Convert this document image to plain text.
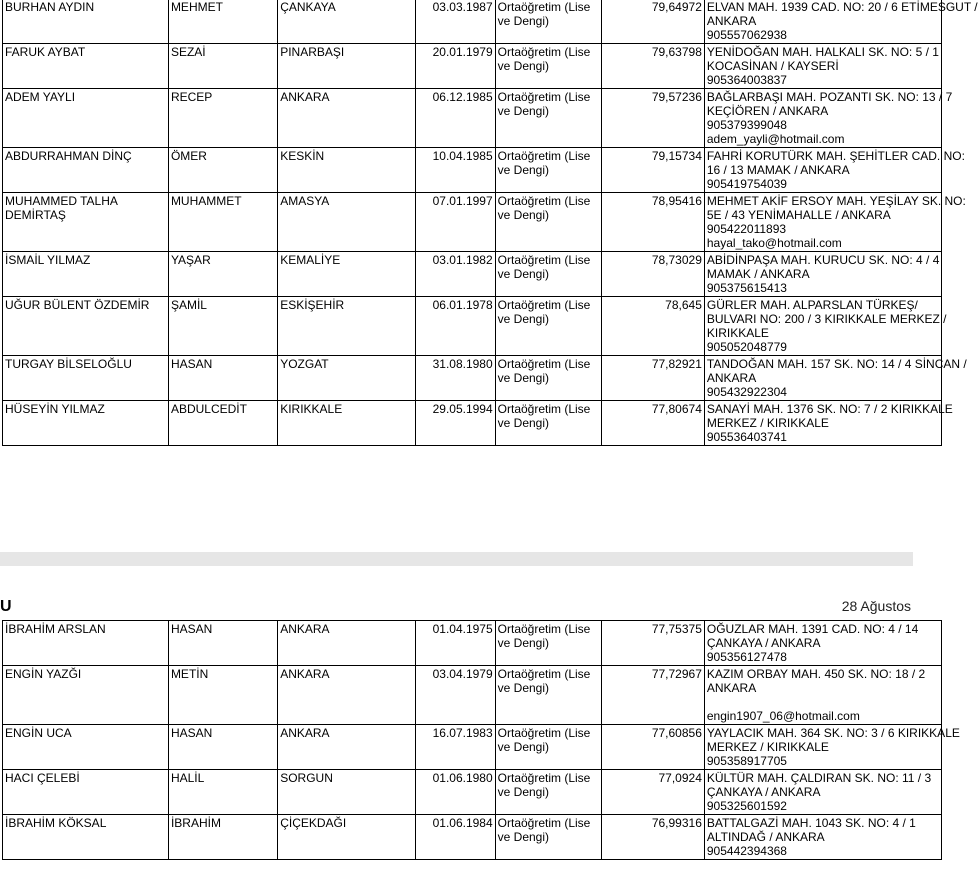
BURHAN AYDIN	MEHMET	ÇANKAYA	03.03.1987	Ortaöğretim (Lise
ve Dengi)	79,64972	ELVAN MAH. 1939 CAD. NO: 20 / 6 ETİMESGUT /
ANKARA
905557062938

FARUK AYBAT	SEZAİ	PINARBAŞI	20.01.1979	Ortaöğretim (Lise
ve Dengi)	79,63798	YENİDOĞAN MAH. HALKALI SK. NO: 5 / 1
KOCASİNAN / KAYSERİ
905364003837

ADEM YAYLI	RECEP	ANKARA	06.12.1985	Ortaöğretim (Lise
ve Dengi)	79,57236	BAĞLARBAŞI MAH. POZANTI SK. NO: 13 / 7
KEÇİÖREN / ANKARA
905379399048
adem_yayli@hotmail.com

ABDURRAHMAN DİNÇ	ÖMER	KESKİN	10.04.1985	Ortaöğretim (Lise
ve Dengi)	79,15734	FAHRİ KORUTÜRK MAH. ŞEHİTLER CAD. NO:
16 / 13 MAMAK / ANKARA
905419754039

MUHAMMED TALHA
DEMİRTAŞ	MUHAMMET	AMASYA	07.01.1997	Ortaöğretim (Lise
ve Dengi)	78,95416	MEHMET AKİF ERSOY MAH. YEŞİLAY SK. NO:
5E / 43 YENİMAHALLE / ANKARA
905422011893
hayal_tako@hotmail.com

İSMAİL YILMAZ	YAŞAR	KEMALİYE	03.01.1982	Ortaöğretim (Lise
ve Dengi)	78,73029	ABİDİNPAŞA MAH. KURUCU SK. NO: 4 / 4
MAMAK / ANKARA
905375615413

UĞUR BÜLENT ÖZDEMİR	ŞAMİL	ESKİŞEHİR	06.01.1978	Ortaöğretim (Lise
ve Dengi)	78,645	GÜRLER MAH. ALPARSLAN TÜRKEŞ/
BULVARI NO: 200 / 3 KIRIKKALE MERKEZ /
KIRIKKALE
905052048779

TURGAY BİLSELOĞLU	HASAN	YOZGAT	31.08.1980	Ortaöğretim (Lise
ve Dengi)	77,82921	TANDOĞAN MAH. 157 SK. NO: 14 / 4 SİNCAN /
ANKARA
905432922304

HÜSEYİN YILMAZ	ABDULCEDİT	KIRIKKALE	29.05.1994	Ortaöğretim (Lise
ve Dengi)	77,80674	SANAYİ MAH. 1376 SK. NO: 7 / 2 KIRIKKALE
MERKEZ / KIRIKKALE
905536403741
U	28 Ağustos
İBRAHİM ARSLAN	HASAN	ANKARA	01.04.1975	Ortaöğretim (Lise
ve Dengi)	77,75375	OĞUZLAR MAH. 1391 CAD. NO: 4 / 14
ÇANKAYA / ANKARA
905356127478

ENGİN YAZĞI	METİN	ANKARA	03.04.1979	Ortaöğretim (Lise
ve Dengi)	77,72967	KAZIM ORBAY MAH. 450 SK. NO: 18 / 2
ANKARA

engin1907_06@hotmail.com

ENGİN UCA	HASAN	ANKARA	16.07.1983	Ortaöğretim (Lise
ve Dengi)	77,60856	YAYLACIK MAH. 364 SK. NO: 3 / 6 KIRIKKALE
MERKEZ / KIRIKKALE
905358917705

HACI ÇELEBİ	HALİL	SORGUN	01.06.1980	Ortaöğretim (Lise
ve Dengi)	77,0924	KÜLTÜR MAH. ÇALDIRAN SK. NO: 11 / 3
ÇANKAYA / ANKARA
905325601592

İBRAHİM KÖKSAL	İBRAHİM	ÇİÇEKDAĞI	01.06.1984	Ortaöğretim (Lise
ve Dengi)	76,99316	BATTALGAZİ MAH. 1043 SK. NO: 4 / 1
ALTINDAĞ / ANKARA
905442394368
